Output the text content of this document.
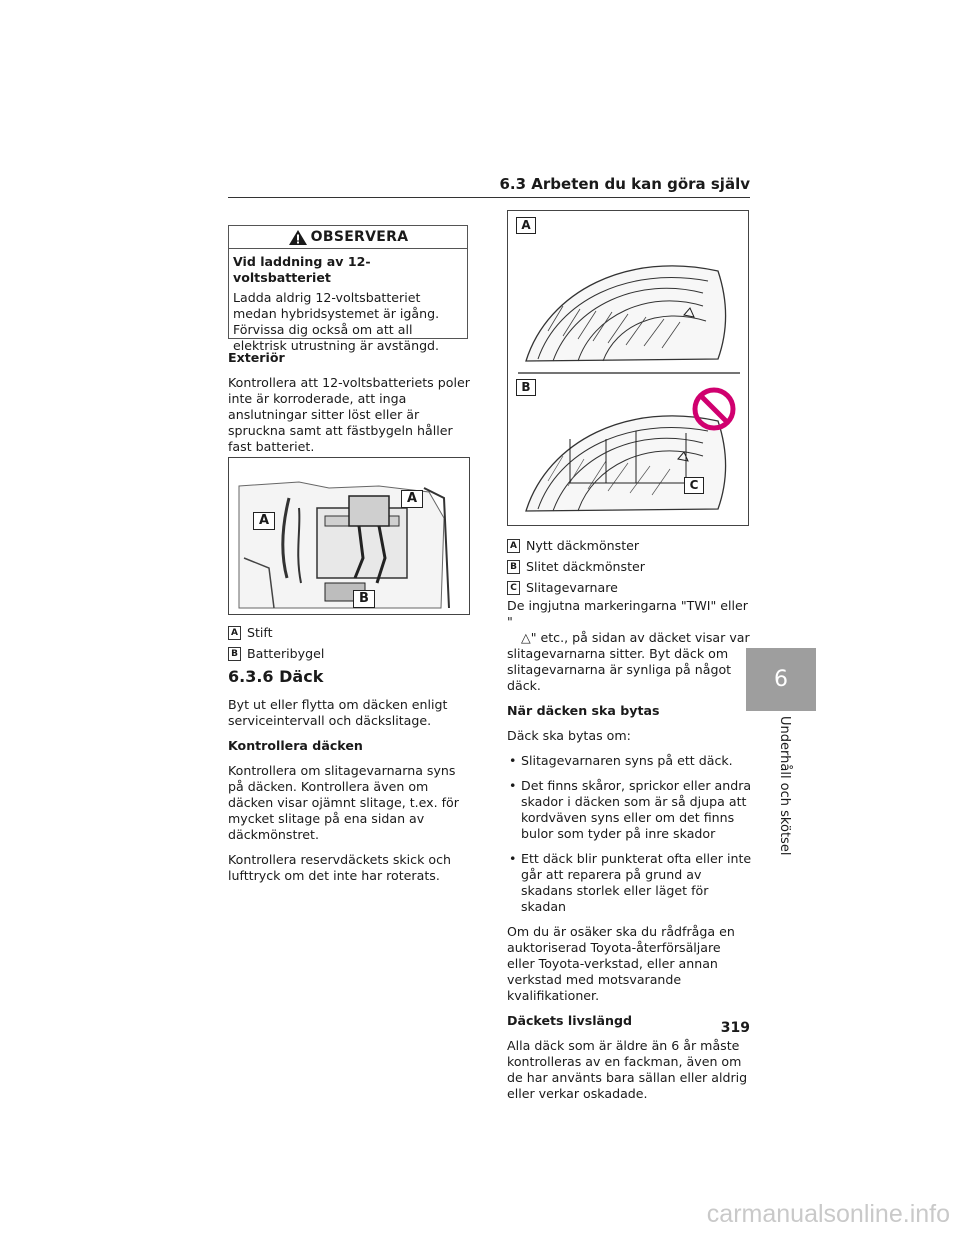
6.3 Arbeten du kan göra själv
OBSERVERA

Vid laddning av 12-voltsbatteriet

Ladda aldrig 12-voltsbatteriet medan hybridsystemet är igång. Förvissa dig också om att all elektrisk utrustning är avstängd.

Exteriör

Kontrollera att 12-voltsbatteriets poler inte är korroderade, att inga anslutningar sitter löst eller är spruckna samt att fästbygeln håller fast batteriet.

A
A
B
A Stift
B Batteribygel

6.3.6 Däck

Byt ut eller flytta om däcken enligt serviceintervall och däckslitage.

Kontrollera däcken

Kontrollera om slitagevarnarna syns på däcken. Kontrollera även om däcken visar ojämnt slitage, t.ex. för mycket slitage på ena sidan av däckmönstret.

Kontrollera reservdäckets skick och lufttryck om det inte har roterats.

A
B
C
A Nytt däckmönster
B Slitet däckmönster
C Slitagevarnare

De ingjutna markeringarna "TWI" eller "
△" etc., på sidan av däcket visar var slitagevarnarna sitter. Byt däck om slitagevarnarna är synliga på något däck.

När däcken ska bytas

Däck ska bytas om:

• Slitagevarnaren syns på ett däck.

• Det finns skåror, sprickor eller andra skador i däcken som är så djupa att kordväven syns eller om det finns bulor som tyder på inre skador

• Ett däck blir punkterat ofta eller inte går att reparera på grund av skadans storlek eller läget för skadan

Om du är osäker ska du rådfråga en auktoriserad Toyota-återförsäljare eller Toyota-verkstad, eller annan verkstad med motsvarande kvalifikationer.

Däckets livslängd

Alla däck som är äldre än 6 år måste kontrolleras av en fackman, även om de har använts bara sällan eller aldrig eller verkar oskadade.

6
Underhåll och skötsel
319
carmanualsonline.info
